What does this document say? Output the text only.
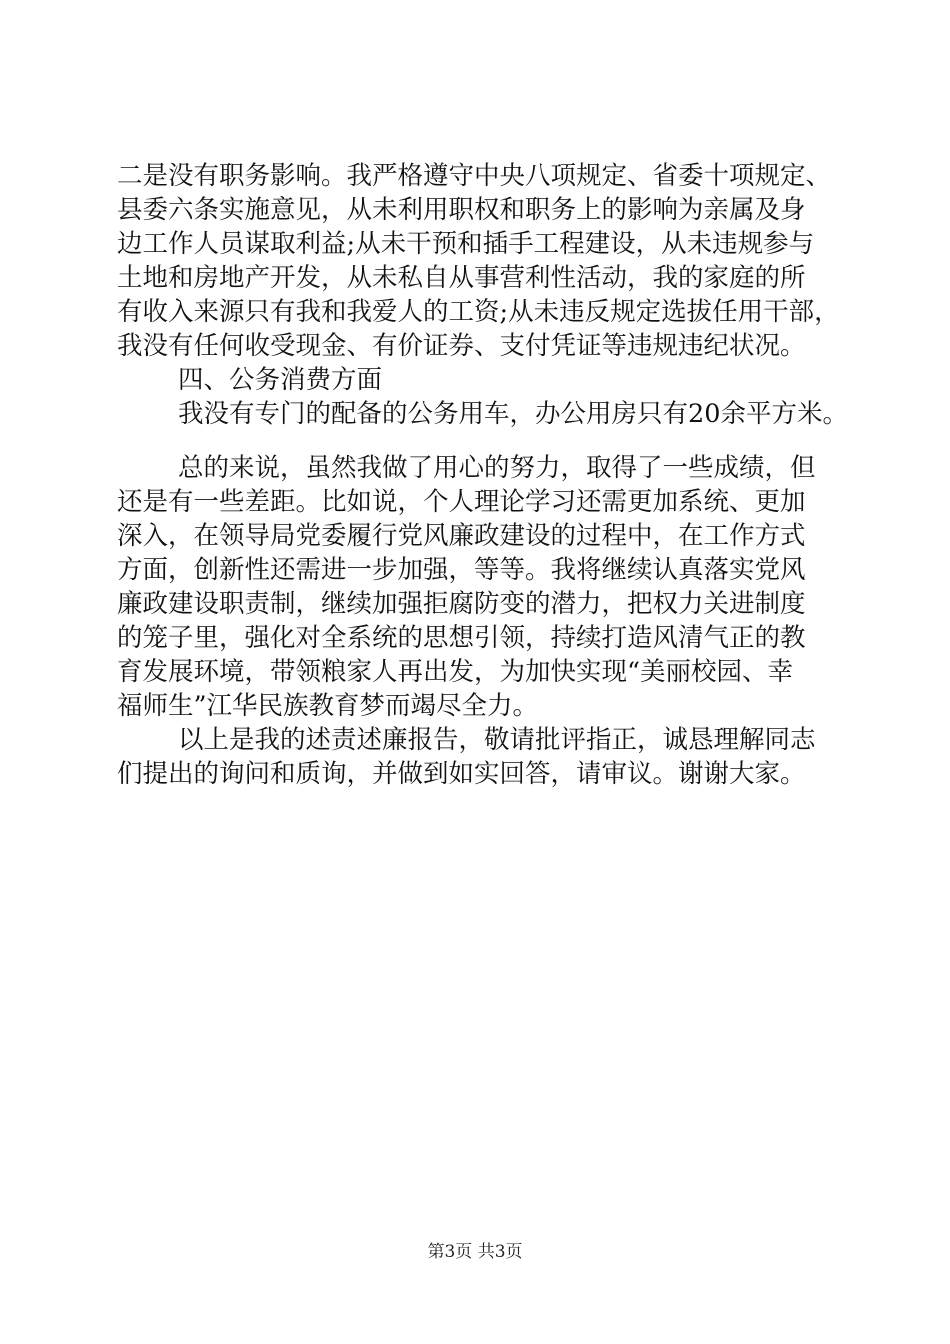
二是没有职务影响。我严格遵守中央八项规定、省委十项规定、
县委六条实施意见，从未利用职权和职务上的影响为亲属及身
边工作人员谋取利益;从未干预和插手工程建设，从未违规参与
土地和房地产开发，从未私自从事营利性活动，我的家庭的所
有收入来源只有我和我爱人的工资;从未违反规定选拔任用干部，
我没有任何收受现金、有价证券、支付凭证等违规违纪状况。
四、公务消费方面
我没有专门的配备的公务用车，办公用房只有20余平方米。
总的来说，虽然我做了用心的努力，取得了一些成绩，但
还是有一些差距。比如说，个人理论学习还需更加系统、更加
深入，在领导局党委履行党风廉政建设的过程中，在工作方式
方面，创新性还需进一步加强，等等。我将继续认真落实党风
廉政建设职责制，继续加强拒腐防变的潜力，把权力关进制度
的笼子里，强化对全系统的思想引领，持续打造风清气正的教
育发展环境，带领粮家人再出发，为加快实现“美丽校园、幸
福师生”江华民族教育梦而竭尽全力。
以上是我的述责述廉报告，敬请批评指正，诚恳理解同志
们提出的询问和质询，并做到如实回答，请审议。谢谢大家。
第3页 共3页
